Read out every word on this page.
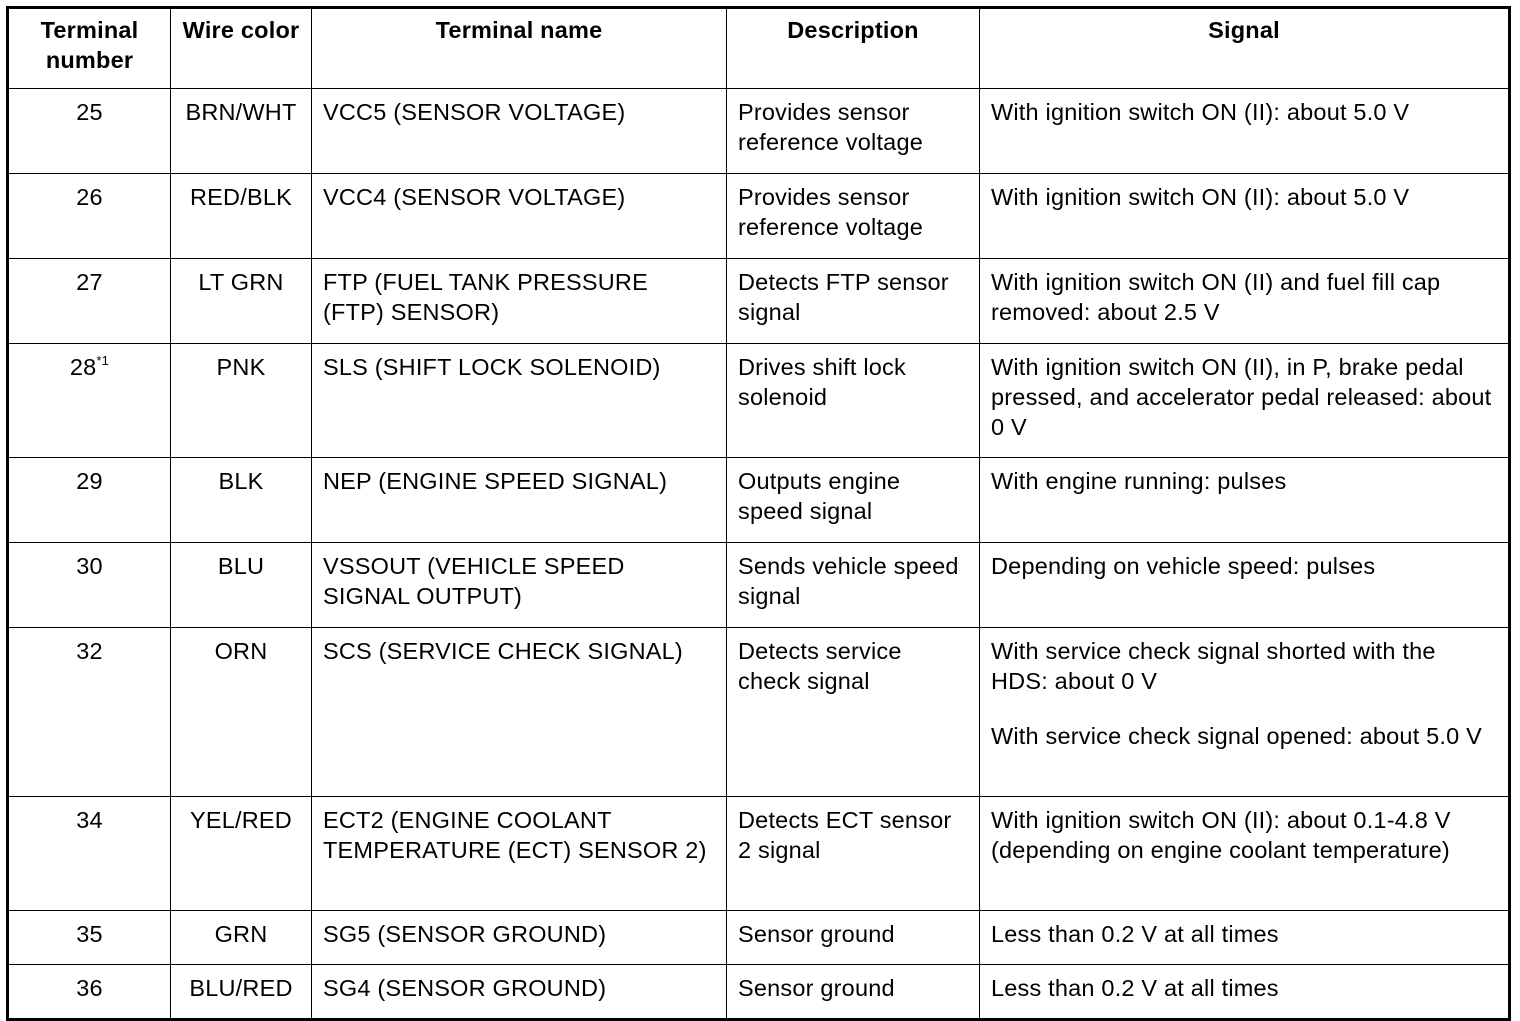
Terminal number	Wire color	Terminal name	Description	Signal
25	BRN/WHT	VCC5 (SENSOR VOLTAGE)	Provides sensor reference voltage	With ignition switch ON (II): about 5.0 V

26	RED/BLK	VCC4 (SENSOR VOLTAGE)	Provides sensor reference voltage	With ignition switch ON (II): about 5.0 V

27	LT GRN	FTP (FUEL TANK PRESSURE (FTP) SENSOR)	Detects FTP sensor signal	With ignition switch ON (II) and fuel fill cap removed: about 2.5 V

28$^{*1}$	PNK	SLS (SHIFT LOCK SOLENOID)	Drives shift lock solenoid	With ignition switch ON (II), in P, brake pedal pressed, and accelerator pedal released: about 0 V

29	BLK	NEP (ENGINE SPEED SIGNAL)	Outputs engine speed signal	With engine running: pulses

30	BLU	VSSOUT (VEHICLE SPEED SIGNAL OUTPUT)	Sends vehicle speed signal	Depending on vehicle speed: pulses

32	ORN	SCS (SERVICE CHECK SIGNAL)	Detects service check signal	With service check signal shorted with the HDS: about 0 V
With service check signal opened: about 5.0 V

34	YEL/RED	ECT2 (ENGINE COOLANT TEMPERATURE (ECT) SENSOR 2)	Detects ECT sensor 2 signal	With ignition switch ON (II): about 0.1-4.8 V (depending on engine coolant temperature)

35	GRN	SG5 (SENSOR GROUND)	Sensor ground	Less than 0.2 V at all times

36	BLU/RED	SG4 (SENSOR GROUND)	Sensor ground	Less than 0.2 V at all times
